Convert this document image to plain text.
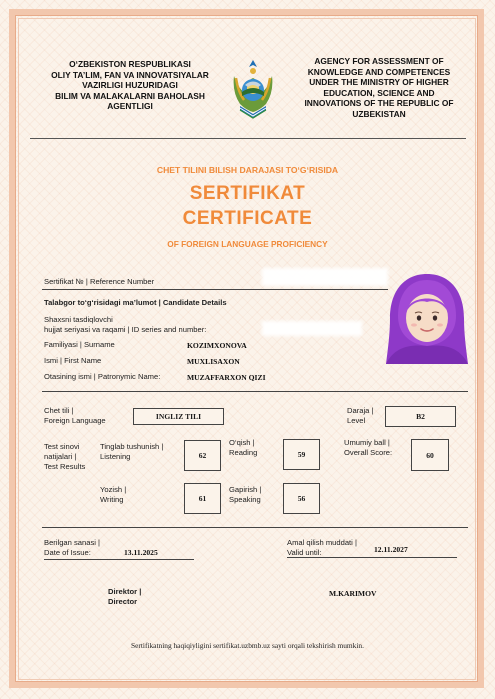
O‘ZBEKISTON RESPUBLIKASI
OLIY TA’LIM, FAN VA INNOVATSIYALAR
VAZIRLIGI HUZURIDAGI
BILIM VA MALAKALARNI BAHOLASH
AGENTLIGI
AGENCY FOR ASSESSMENT OF
KNOWLEDGE AND COMPETENCES
UNDER THE MINISTRY OF HIGHER
EDUCATION, SCIENCE AND
INNOVATIONS OF THE REPUBLIC OF
UZBEKISTAN
CHET TILINI BILISH DARAJASI TO‘G‘RISIDA
SERTIFIKAT
CERTIFICATE
OF FOREIGN LANGUAGE PROFICIENCY
Sertifikat № | Reference Number
Talabgor to‘g‘risidagi ma’lumot | Candidate Details
Shaxsni tasdiqlovchi
hujjat seriyasi va raqami | ID series and number:
Familiyasi | Surname	KOZIMXONOVA
Ismi | First Name	MUXLISAXON
Otasining ismi | Patronymic Name:	MUZAFFARXON QIZI
Chet tili |
Foreign Language	INGLIZ TILI
Daraja |
Level	B2
Test sinovi
natijalari |
Test Results
Tinglab tushunish |
Listening	62
O‘qish |
Reading	59
Umumiy ball |
Overall Score:	60
Yozish |
Writing	61
Gapirish |
Speaking	56
Berilgan sanasi |
Date of Issue:	13.11.2025
Amal qilish muddati |
Valid until:	12.11.2027
Direktor |
Director
M.KARIMOV
Sertifikatning haqiqiyligini sertifikat.uzbmb.uz sayti orqali tekshirish mumkin.
